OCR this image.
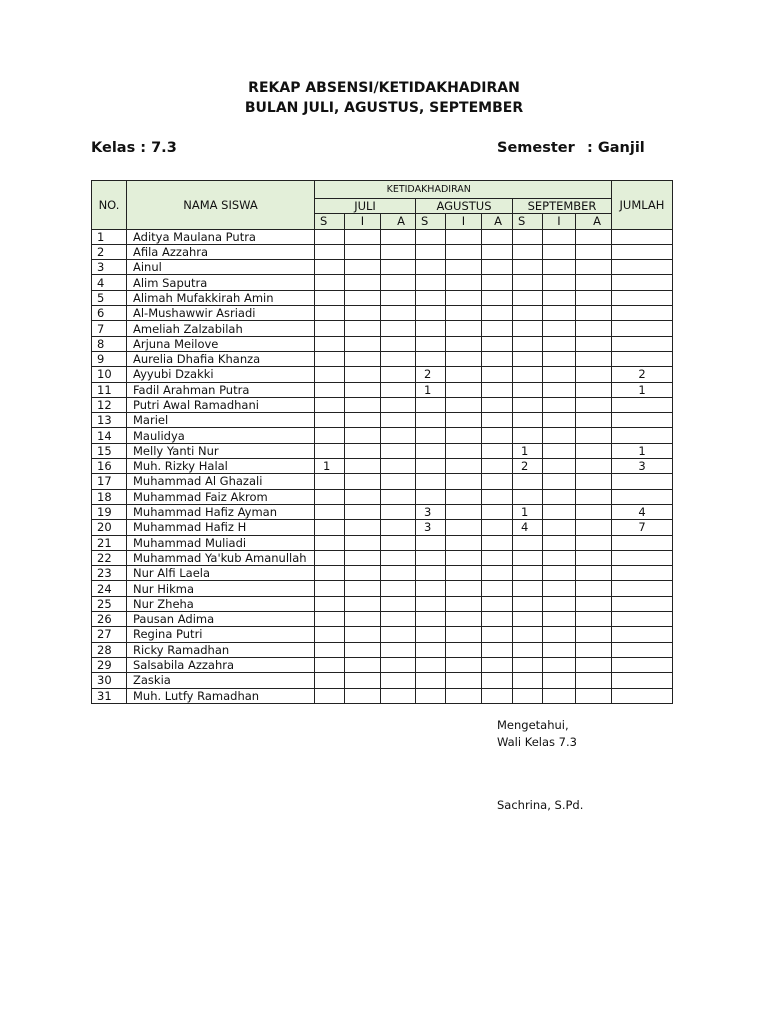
REKAP ABSENSI/KETIDAKHADIRAN
BULAN JULI, AGUSTUS, SEPTEMBER
Kelas : 7.3	Semester : Ganjil
NO.	NAMA SISWA	KETIDAKHADIRAN									JUMLAH
		JULI			AGUSTUS			SEPTEMBER			
		S	I	A	S	I	A	S	I	A	
1	Aditya Maulana Putra										
2	Afila Azzahra										
3	Ainul										
4	Alim Saputra										
5	Alimah Mufakkirah Amin										
6	Al-Mushawwir Asriadi										
7	Ameliah Zalzabilah										
8	Arjuna Meilove										
9	Aurelia Dhafia Khanza										
10	Ayyubi Dzakki				2						2
11	Fadil Arahman Putra				1						1
12	Putri Awal Ramadhani										
13	Mariel										
14	Maulidya										
15	Melly Yanti Nur							1			1
16	Muh. Rizky Halal	1						2			3
17	Muhammad Al Ghazali										
18	Muhammad Faiz Akrom										
19	Muhammad Hafiz Ayman				3			1			4
20	Muhammad Hafiz H				3			4			7
21	Muhammad Muliadi										
22	Muhammad Ya'kub Amanullah										
23	Nur Alfi Laela										
24	Nur Hikma										
25	Nur Zheha										
26	Pausan Adima										
27	Regina Putri										
28	Ricky Ramadhan										
29	Salsabila Azzahra										
30	Zaskia										
31	Muh. Lutfy Ramadhan										
Mengetahui,
Wali Kelas 7.3
Sachrina, S.Pd.
